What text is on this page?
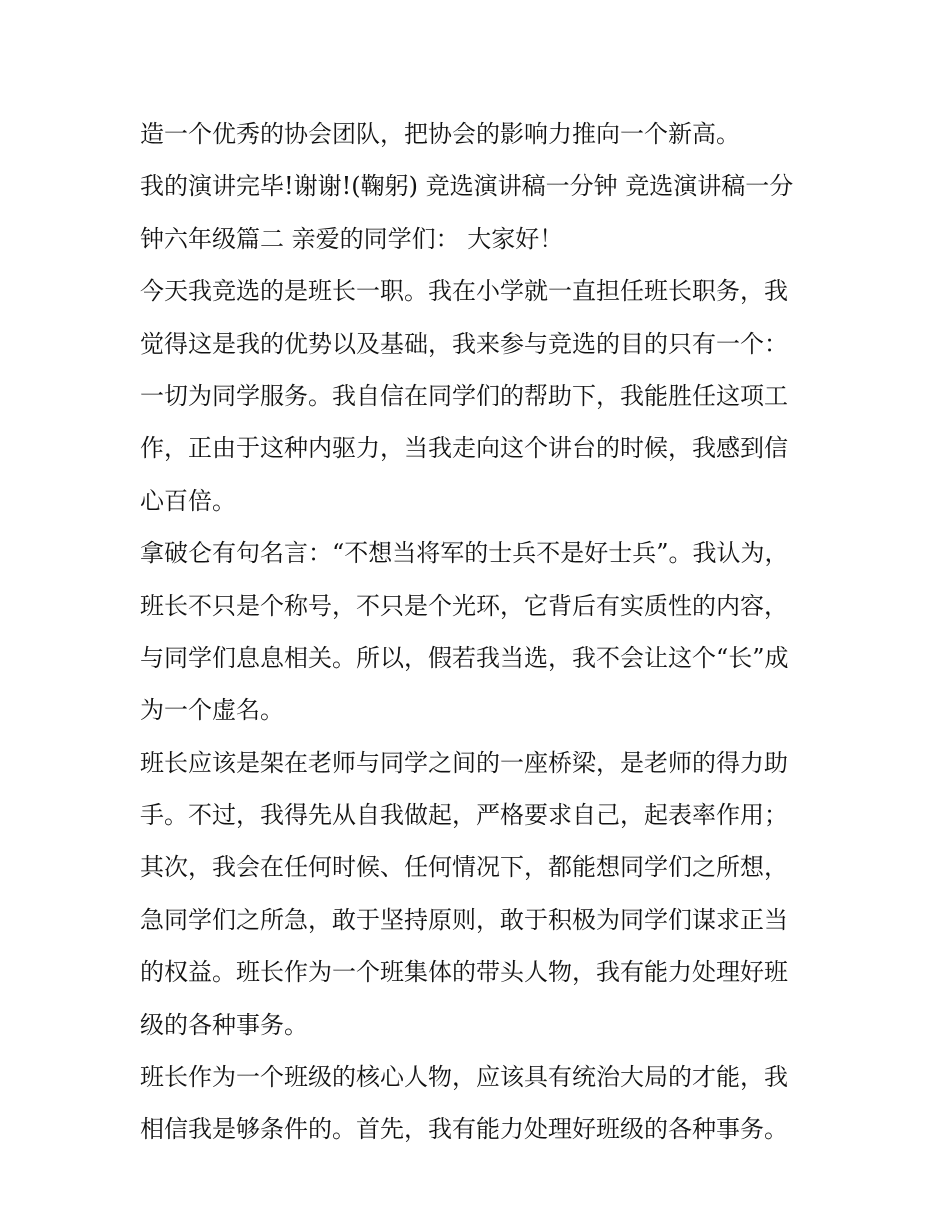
造一个优秀的协会团队，把协会的影响力推向一个新高。

我的演讲完毕!谢谢!(鞠躬) 竞选演讲稿一分钟 竞选演讲稿一分
钟六年级篇二 亲爱的同学们： 大家好！

今天我竞选的是班长一职。我在小学就一直担任班长职务，我
觉得这是我的优势以及基础，我来参与竞选的目的只有一个：
一切为同学服务。我自信在同学们的帮助下，我能胜任这项工
作，正由于这种内驱力，当我走向这个讲台的时候，我感到信
心百倍。

拿破仑有句名言：“不想当将军的士兵不是好士兵”。我认为，
班长不只是个称号，不只是个光环，它背后有实质性的内容，
与同学们息息相关。所以，假若我当选，我不会让这个“长”成
为一个虚名。

班长应该是架在老师与同学之间的一座桥梁，是老师的得力助
手。不过，我得先从自我做起，严格要求自己，起表率作用；
其次，我会在任何时候、任何情况下，都能想同学们之所想，
急同学们之所急，敢于坚持原则，敢于积极为同学们谋求正当
的权益。班长作为一个班集体的带头人物，我有能力处理好班
级的各种事务。

班长作为一个班级的核心人物，应该具有统治大局的才能，我
相信我是够条件的。首先，我有能力处理好班级的各种事务。
